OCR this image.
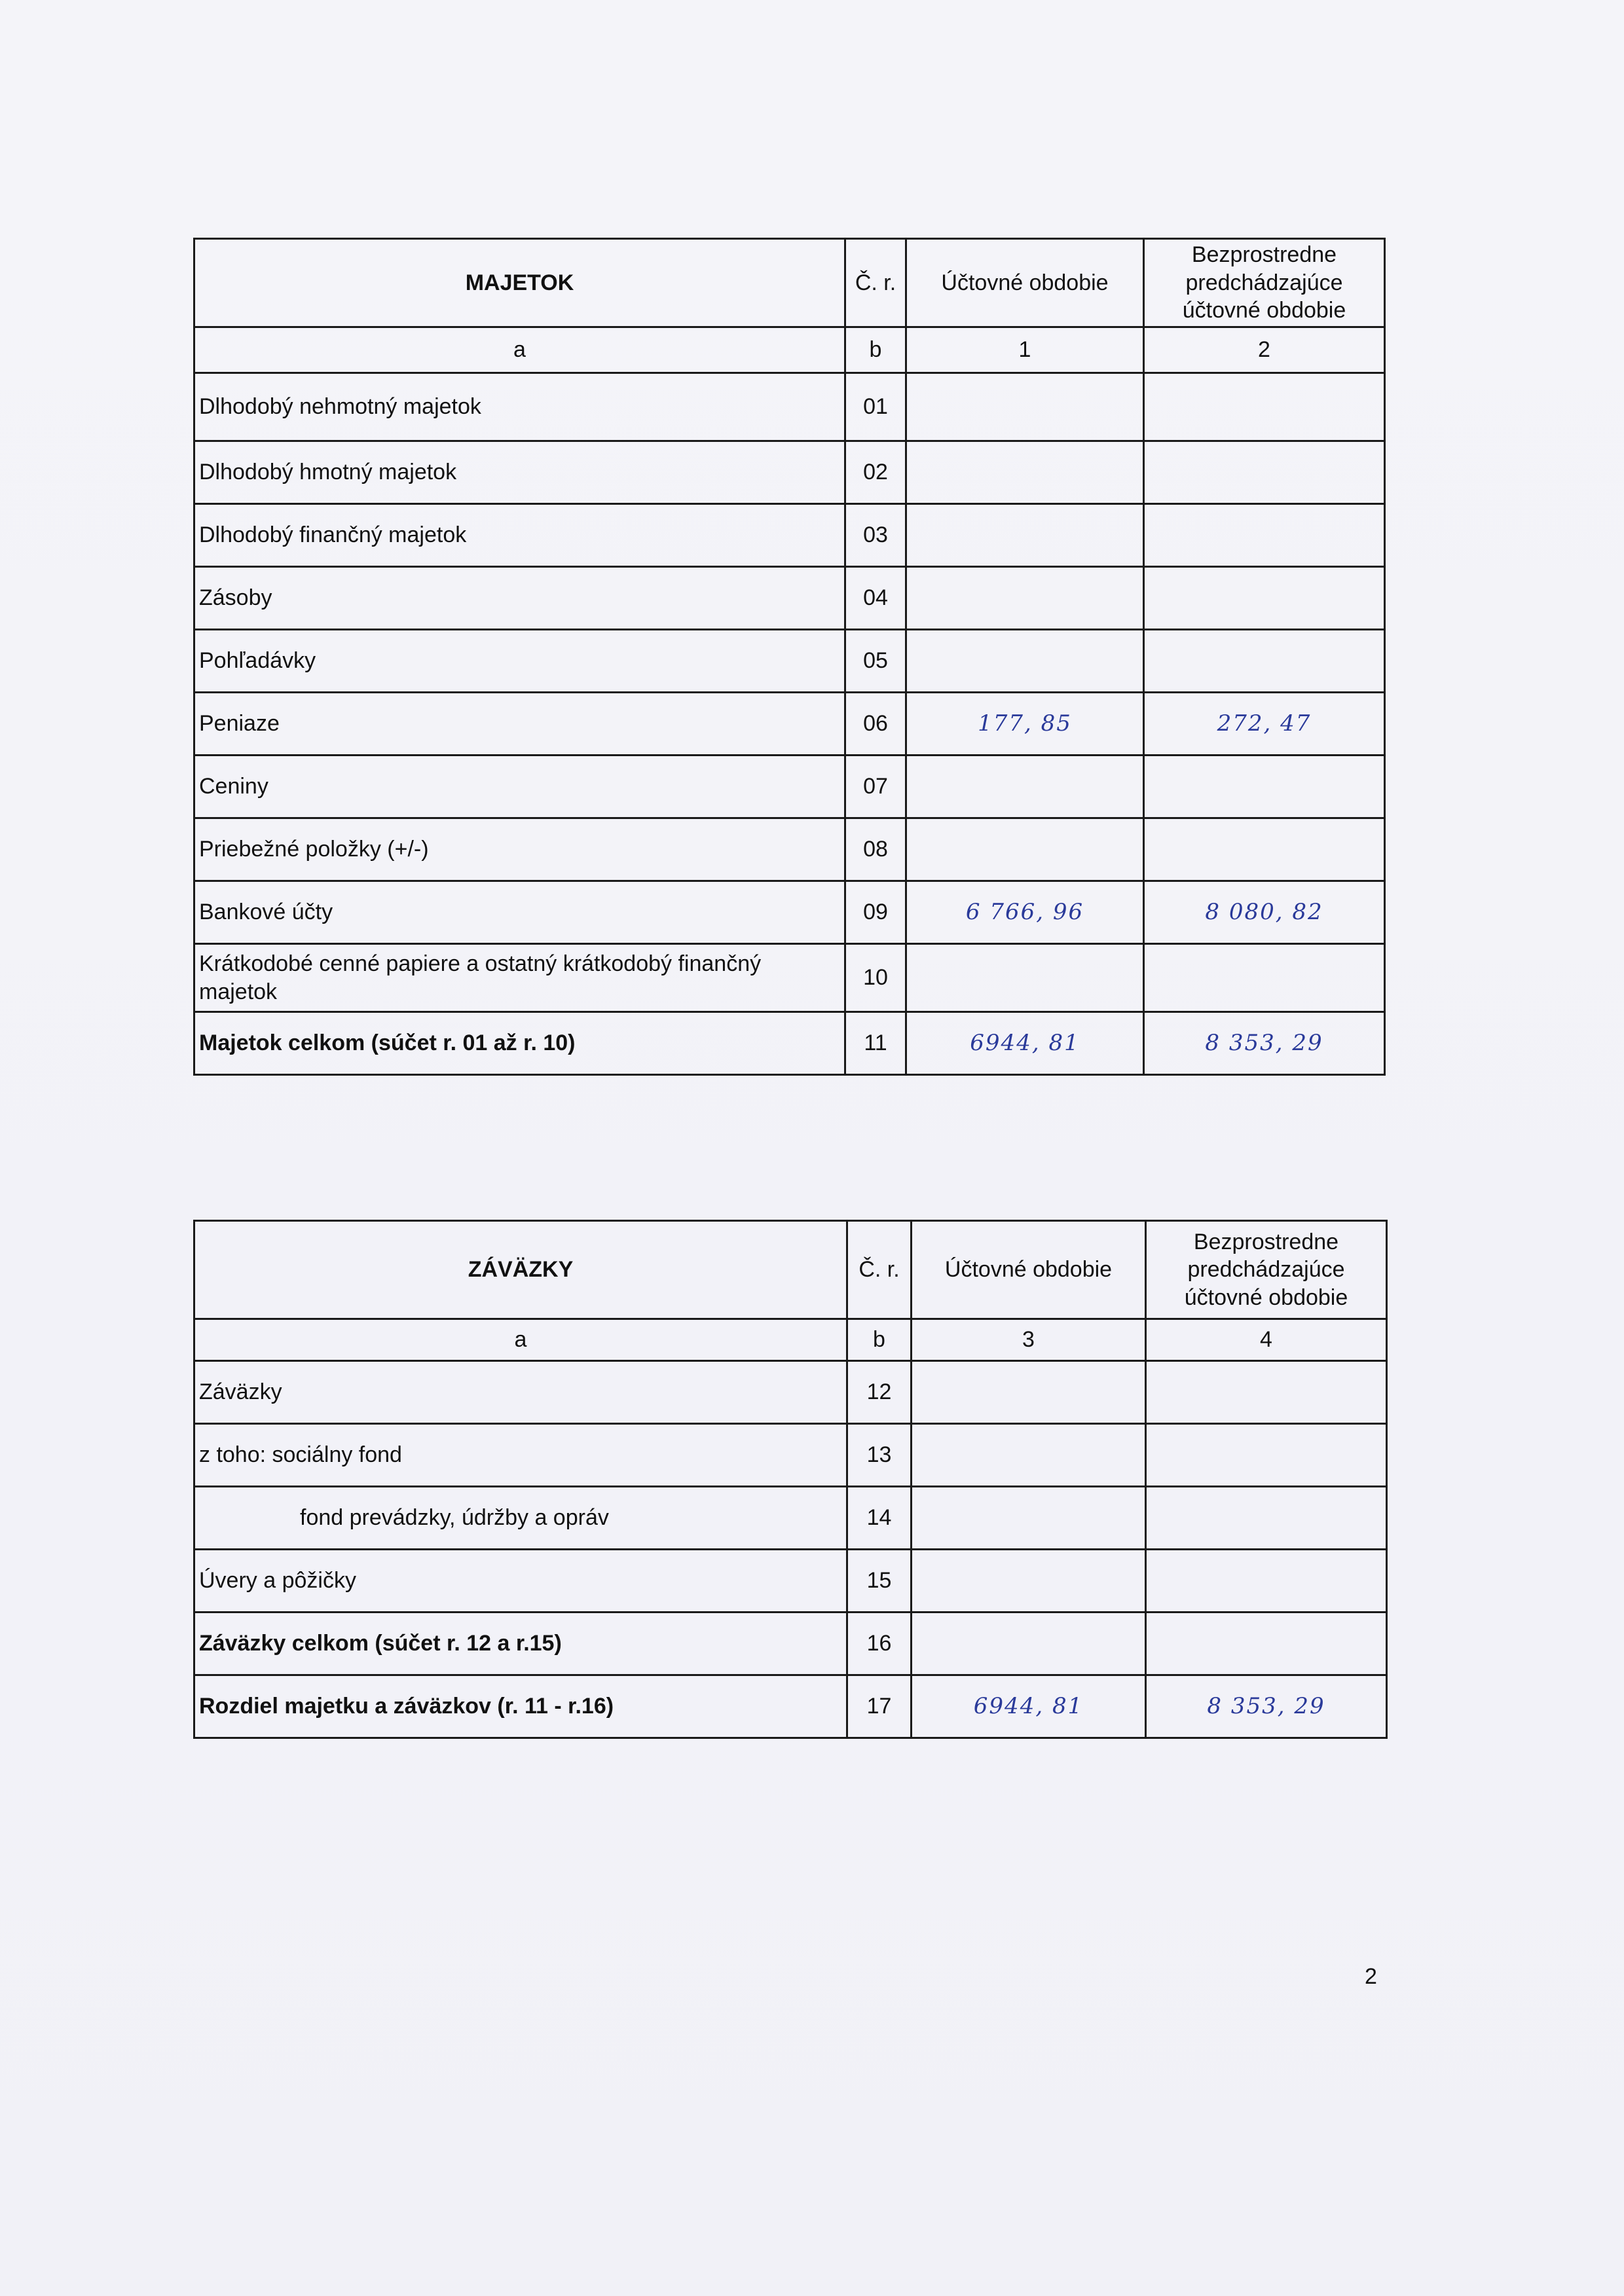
MAJETOK	Č. r.	Účtovné obdobie	Bezprostredne predchádzajúce účtovné obdobie
a	b	1	2
Dlhodobý nehmotný majetok	01		
Dlhodobý hmotný majetok	02		
Dlhodobý finančný majetok	03		
Zásoby	04		
Pohľadávky	05		
Peniaze	06	177, 85	272, 47
Ceniny	07		
Priebežné položky (+/-)	08		
Bankové účty	09	6 766, 96	8 080, 82
Krátkodobé cenné papiere a ostatný krátkodobý finančný majetok	10		
Majetok celkom (súčet r. 01 až r. 10)	11	6944, 81	8 353, 29
ZÁVÄZKY	Č. r.	Účtovné obdobie	Bezprostredne predchádzajúce účtovné obdobie
a	b	3	4
Záväzky	12		
z toho: sociálny fond	13		
fond prevádzky, údržby a opráv	14		
Úvery a pôžičky	15		
Záväzky celkom (súčet r. 12 a r.15)	16		
Rozdiel majetku a záväzkov (r. 11 - r.16)	17	6944, 81	8 353, 29
2
